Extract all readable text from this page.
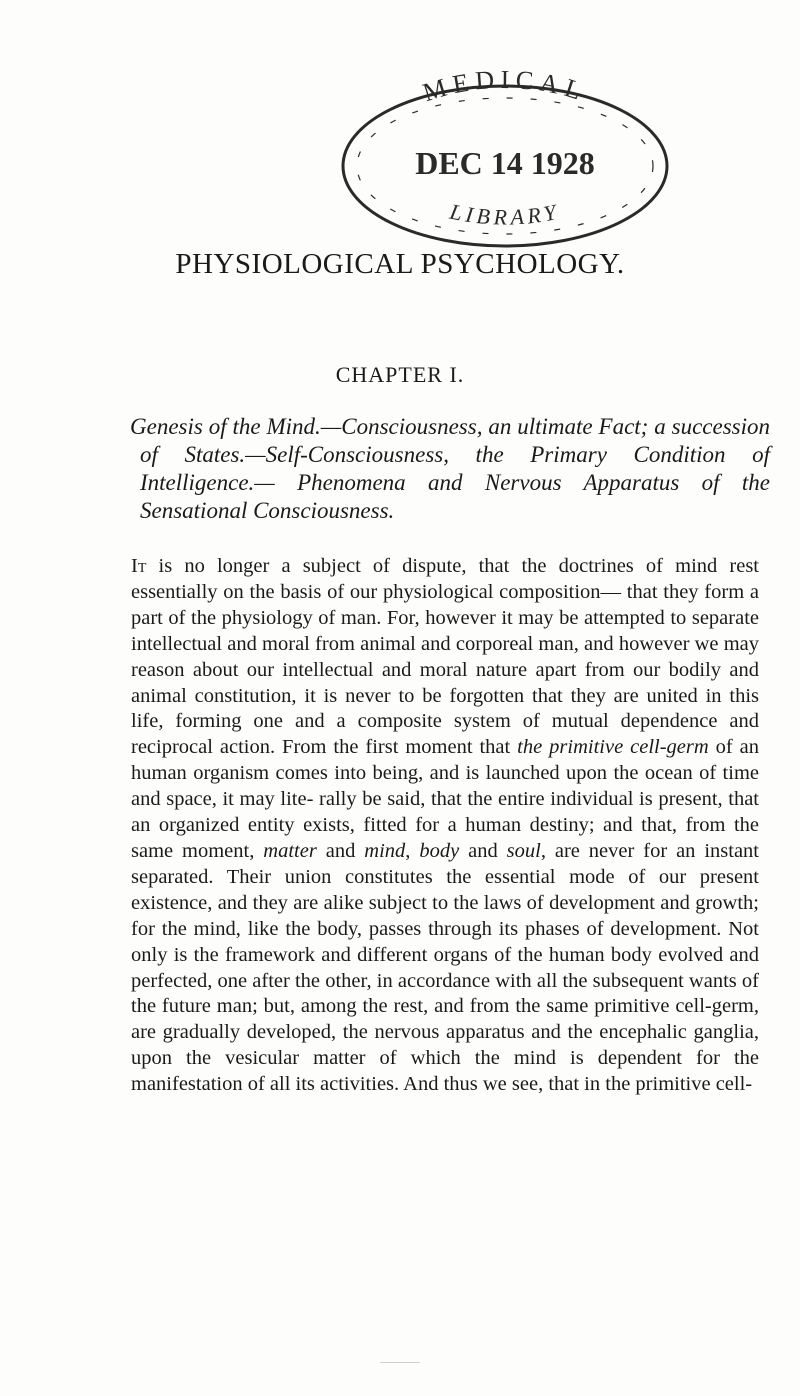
MEDICAL
DEC 14 1928
LIBRARY
PHYSIOLOGICAL PSYCHOLOGY.
CHAPTER I.

Genesis of the Mind.—Consciousness, an ultimate Fact; a succession of States.—Self-Consciousness, the Primary Condition of Intelligence.— Phenomena and Nervous Apparatus of the Sensational Consciousness.

It is no longer a subject of dispute, that the doctrines of mind rest essentially on the basis of our physiological composition— that they form a part of the physiology of man. For, however it may be attempted to separate intellectual and moral from animal and corporeal man, and however we may reason about our intellectual and moral nature apart from our bodily and animal constitution, it is never to be forgotten that they are united in this life, forming one and a composite system of mutual dependence and reciprocal action. From the first moment that the primitive cell-germ of an human organism comes into being, and is launched upon the ocean of time and space, it may lite- rally be said, that the entire individual is present, that an organized entity exists, fitted for a human destiny; and that, from the same moment, matter and mind, body and soul, are never for an instant separated. Their union constitutes the essential mode of our present existence, and they are alike subject to the laws of development and growth; for the mind, like the body, passes through its phases of development. Not only is the framework and different organs of the human body evolved and perfected, one after the other, in accordance with all the subsequent wants of the future man; but, among the rest, and from the same primitive cell-germ, are gradually developed, the nervous apparatus and the encephalic ganglia, upon the vesicular matter of which the mind is dependent for the manifestation of all its activities. And thus we see, that in the primitive cell-
